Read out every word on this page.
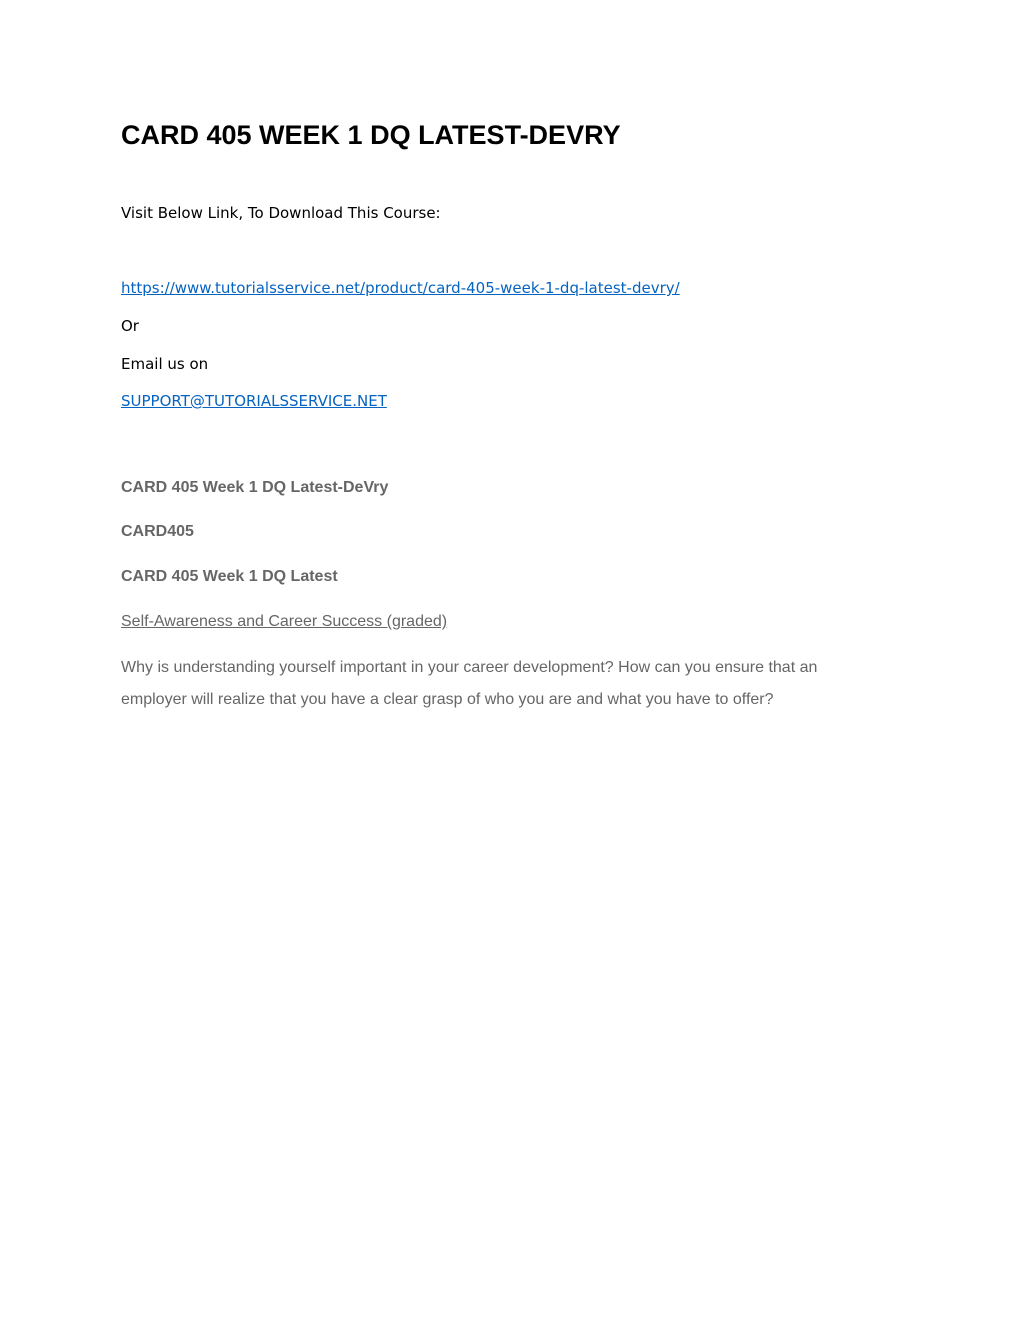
CARD 405 WEEK 1 DQ LATEST-DEVRY

Visit Below Link, To Download This Course:

https://www.tutorialsservice.net/product/card-405-week-1-dq-latest-devry/

Or

Email us on

SUPPORT@TUTORIALSSERVICE.NET

CARD 405 Week 1 DQ Latest-DeVry

CARD405

CARD 405 Week 1 DQ Latest

Self-Awareness and Career Success (graded)

Why is understanding yourself important in your career development? How can you ensure that an employer will realize that you have a clear grasp of who you are and what you have to offer?
